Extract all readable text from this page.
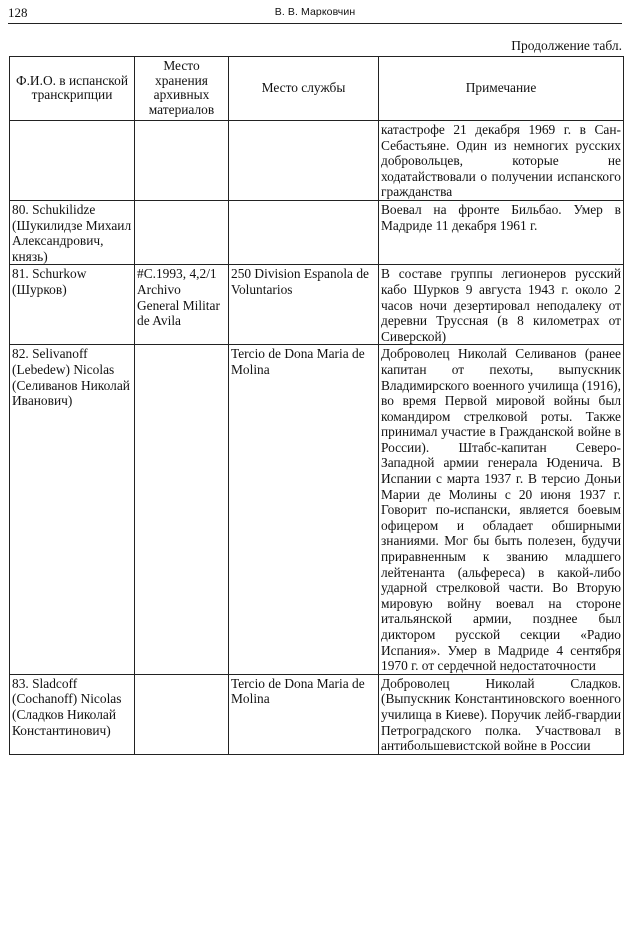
128	В. В. Марковчин
Продолжение табл.
Ф.И.О. в испанской транскрипции	Место хранения архивных материалов	Место службы	Примечание
			катастрофе 21 декабря 1969 г. в Сан-Себастьяне. Один из немногих русских добровольцев, которые не ходатайствовали о получении испанского гражданства
80. Schukilidze (Шукилидзе Михаил Александрович, князь)			Воевал на фронте Бильбао. Умер в Мадриде 11 декабря 1961 г.
81. Schurkow (Шурков)	#C.1993, 4,2/1 Archivo General Militar de Avila	250 Division Espanola de Voluntarios	В составе группы легионеров русский кабо Шурков 9 августа 1943 г. около 2 часов ночи дезертировал неподалеку от деревни Труссная (в 8 километрах от Сиверской)
82. Selivanoff (Lebedew) Nicolas (Селиванов Николай Иванович)		Tercio de Dona Maria de Molina	Доброволец Николай Селиванов (ранее капитан от пехоты, выпускник Владимирского военного училища (1916), во время Первой мировой войны был командиром стрелковой роты. Также принимал участие в Гражданской войне в России). Штабс-капитан Северо-Западной армии генерала Юденича. В Испании с марта 1937 г. В терсио Доньи Марии де Молины с 20 июня 1937 г. Говорит по-испански, является боевым офицером и обладает обширными знаниями. Мог бы быть полезен, будучи приравненным к званию младшего лейтенанта (альфереса) в какой-либо ударной стрелковой части. Во Вторую мировую войну воевал на стороне итальянской армии, позднее был диктором русской секции «Радио Испания». Умер в Мадриде 4 сентября 1970 г. от сердечной недостаточности
83. Sladcoff (Cochanoff) Nicolas (Сладков Николай Константинович)		Tercio de Dona Maria de Molina	Доброволец Николай Сладков. (Выпускник Константиновского военного училища в Киеве). Поручик лейб-гвардии Петроградского полка. Участвовал в антибольшевистской войне в России
